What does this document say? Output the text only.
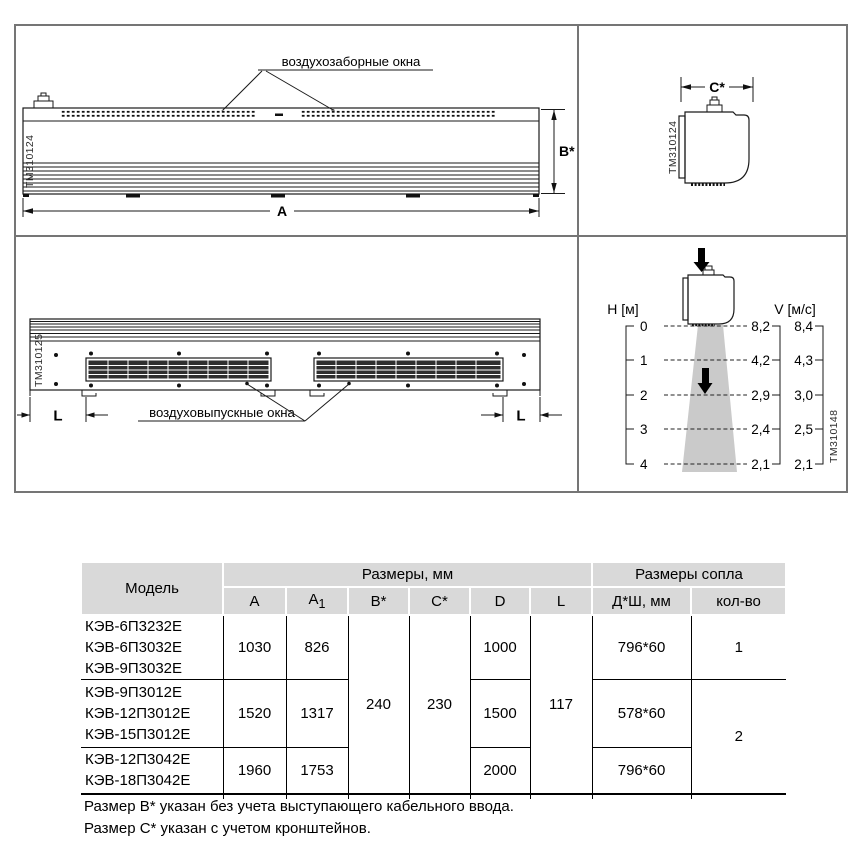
воздухозаборные окна
TM310124	B*
A
C*
TM310124
TM310125
L	L
воздуховыпускные окна
H [м]	V [м/с]
0
1
2
3
4
8,2
4,2
2,9
2,4
2,1
8,4
4,3
3,0
2,5
2,1
TM310148
Модель	Размеры, мм						Размеры сопла	
	A	$A_1$	B*	C*	D	L	Д*Ш, мм	кол-во

КЭВ-6П3232Е
КЭВ-6П3032Е
КЭВ-9П3032Е	1030	826	240	230	1000	117	796*60	1

КЭВ-9П3012Е
КЭВ-12П3012Е
КЭВ-15П3012Е	1520	1317			1500		578*60	2

КЭВ-12П3042Е
КЭВ-18П3042Е	1960	1753			2000		796*60	

Размер B* указан без учета выступающего кабельного ввода.
Размер C* указан с учетом кронштейнов.
